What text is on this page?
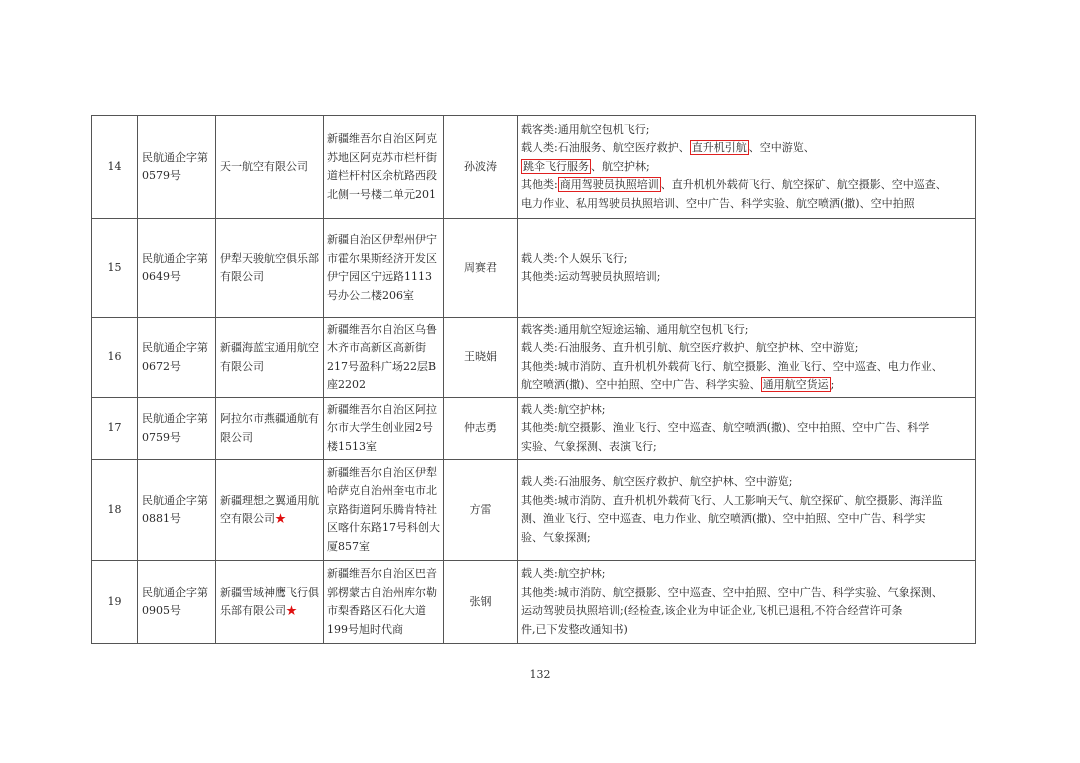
14	民航通企字第0579号	天一航空有限公司	新疆维吾尔自治区阿克苏地区阿克苏市栏杆街道栏杆村区余杭路西段北侧一号楼二单元201	孙波涛	载客类:通用航空包机飞行;
载人类:石油服务、航空医疗救护、 直升机引航 、空中游览、
跳伞飞行服务 、航空护林;
其他类: 商用驾驶员执照培训 、直升机机外载荷飞行、航空探矿、航空摄影、空中巡查、
电力作业、私用驾驶员执照培训、空中广告、科学实验、航空喷洒(撒)、空中拍照

15	民航通企字第0649号	伊犁天骏航空俱乐部有限公司	新疆自治区伊犁州伊宁市霍尔果斯经济开发区伊宁园区宁远路1113号办公二楼206室	周赛君	载人类:个人娱乐飞行;
其他类:运动驾驶员执照培训;

16	民航通企字第0672号	新疆海蓝宝通用航空有限公司	新疆维吾尔自治区乌鲁木齐市高新区高新街217号盈科广场22层B座2202	王晓娟	载客类:通用航空短途运输、通用航空包机飞行;
载人类:石油服务、直升机引航、航空医疗救护、航空护林、空中游览;
其他类:城市消防、直升机机外载荷飞行、航空摄影、渔业飞行、空中巡查、电力作业、
航空喷洒(撒)、空中拍照、空中广告、科学实验、 通用航空货运 ;

17	民航通企字第0759号	阿拉尔市燕疆通航有限公司	新疆维吾尔自治区阿拉尔市大学生创业园2号楼1513室	仲志勇	载人类:航空护林;
其他类:航空摄影、渔业飞行、空中巡查、航空喷洒(撒)、空中拍照、空中广告、科学
实验、气象探测、表演飞行;

18	民航通企字第0881号	新疆理想之翼通用航空有限公司★	新疆维吾尔自治区伊犁哈萨克自治州奎屯市北京路街道阿乐腾肯特社区喀什东路17号科创大厦857室	方雷	载人类:石油服务、航空医疗救护、航空护林、空中游览;
其他类:城市消防、直升机机外载荷飞行、人工影响天气、航空探矿、航空摄影、海洋监
测、渔业飞行、空中巡查、电力作业、航空喷洒(撒)、空中拍照、空中广告、科学实
验、气象探测;

19	民航通企字第0905号	新疆雪域神鹰飞行俱乐部有限公司★	新疆维吾尔自治区巴音郭楞蒙古自治州库尔勒市梨香路区石化大道199号旭时代商	张钢	载人类:航空护林;
其他类:城市消防、航空摄影、空中巡查、空中拍照、空中广告、科学实验、气象探测、
运动驾驶员执照培训;(经检查,该企业为申证企业,飞机已退租,不符合经营许可条
件,已下发整改通知书)
132
